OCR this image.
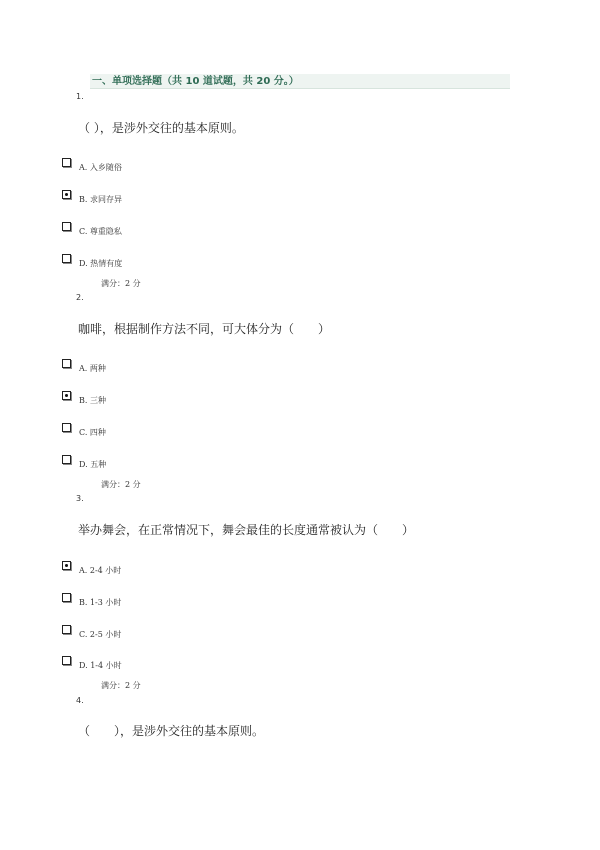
一、单项选择题（共 10 道试题，共 20 分。）
1.
（ ），是涉外交往的基本原则。
A. 入乡随俗
B. 求同存异
C. 尊重隐私
D. 热情有度
满分：2 分
2.
咖啡，根据制作方法不同，可大体分为（　　）
A. 两种
B. 三种
C. 四种
D. 五种
满分：2 分
3.
举办舞会，在正常情况下，舞会最佳的长度通常被认为（　　）
A. 2-4 小时
B. 1-3 小时
C. 2-5 小时
D. 1-4 小时
满分：2 分
4.
（　　），是涉外交往的基本原则。
